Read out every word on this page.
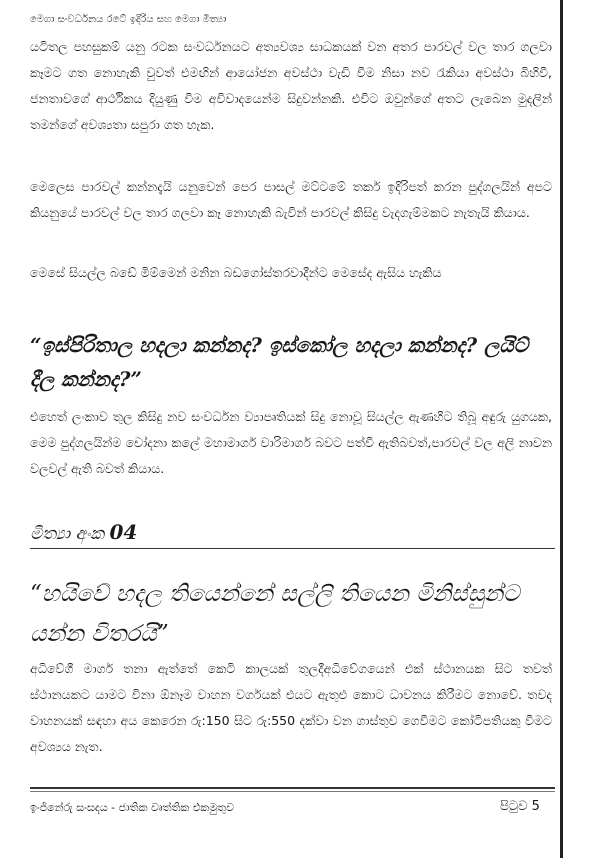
මෙගා සංවර්ධනය රටේ ඉදිරිය සහ මෙගා මිත්‍යා

යටිතල පහසුකම් යනු රටක සංවර්ධනයට අත්‍යවශ්‍ය සාධකයක් වන අතර පාරවල් වල තාර ගලවා කෑමට ගත නොහැකි වුවත් එමඟින් ආයෝජන අවස්ථා වැඩි වීම නිසා නව රැකියා අවස්ථා බිහිවී, ජනතාවගේ ආර්ථිකය දියුණු වීම අවිවාදයෙන්ම සිදුවන්නකි. එවිට ඔවුන්ගේ අතට ලැබෙන මුදලින් තමන්ගේ අවශ්‍යතා සපුරා ගත හැක.

මෙලෙස පාරවල් කන්නදැයි යනුවෙන් පෙර පාසල් මට්ටමේ තර්ක ඉදිරිපත් කරන පුද්ගලයින් අපට කියනුයේ පාරවල් වල තාර ගලවා කෑ නොහැකි බැවින් පාරවල් කිසිදු වැදගැම්මකට නැතැයි කියාය.

මෙසේ සියල්ල බඩේ මිම්මෙන් මනින බඩගෝස්තරවාදීන්ට මෙසේද ඇසිය හැකිය

“ඉස්පිරිතාල හදලා කන්නද? ඉස්කෝල හදලා කන්නද? ලයිට් දීල කන්නද?”

එහෙත් ලංකාව තුල කිසිදු නව සංවර්ධන ව්‍යාපෘතියක් සිදු නොවූ සියල්ල ඇණහිට තිබූ අඳුරු යුගයක, මෙම පුද්ගලයින්ම චෝදනා කලේ මහාමාර්ග වාරිමාර්ග බවට පත්වී ඇතිබවත්,පාරවල් වල අලි නාවන වලවල් ඇති බවත් කියාය.

මිත්‍යා අංක 04

“හයිවේ හදල තියෙන්නේ සල්ලි තියෙන මිනිස්සුන්ට යන්න විතරයි”

අධිවේගී මාර්ග තනා ඇත්තේ කෙටි කාලයක් තුලදීඅධිවේගයෙන් එක් ස්ථානයක සිට තවත් ස්ථානයකට යාමට විනා ඕනෑම වාහන වර්ගයක් එයට ඇතුළු කොට ධාවනය කිරීමට නොවේ. තවද වාහනයක් සඳහා අය කෙරෙන රු:150 සිට රු:550 දක්වා වන ගාස්තුව ගෙවීමට කෝටිපතියකු වීමට අවශ්‍යය නැත.

ඉංජිනේරු සංසදය - ජාතික වෘත්තික එකමුතුව	පිටුව 5
